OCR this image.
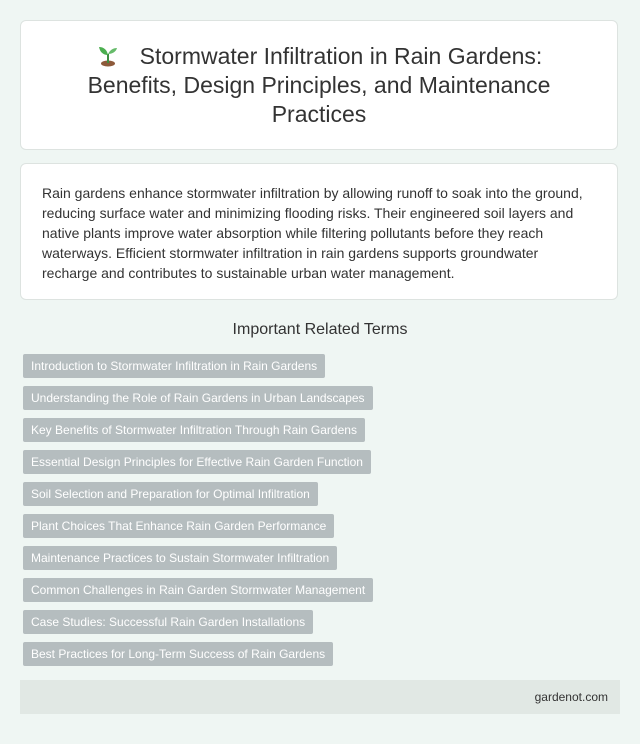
Stormwater Infiltration in Rain Gardens: Benefits, Design Principles, and Maintenance Practices

Rain gardens enhance stormwater infiltration by allowing runoff to soak into the ground, reducing surface water and minimizing flooding risks. Their engineered soil layers and native plants improve water absorption while filtering pollutants before they reach waterways. Efficient stormwater infiltration in rain gardens supports groundwater recharge and contributes to sustainable urban water management.

Important Related Terms
Introduction to Stormwater Infiltration in Rain Gardens
Understanding the Role of Rain Gardens in Urban Landscapes
Key Benefits of Stormwater Infiltration Through Rain Gardens
Essential Design Principles for Effective Rain Garden Function
Soil Selection and Preparation for Optimal Infiltration
Plant Choices That Enhance Rain Garden Performance
Maintenance Practices to Sustain Stormwater Infiltration
Common Challenges in Rain Garden Stormwater Management
Case Studies: Successful Rain Garden Installations
Best Practices for Long-Term Success of Rain Gardens
gardenot.com
